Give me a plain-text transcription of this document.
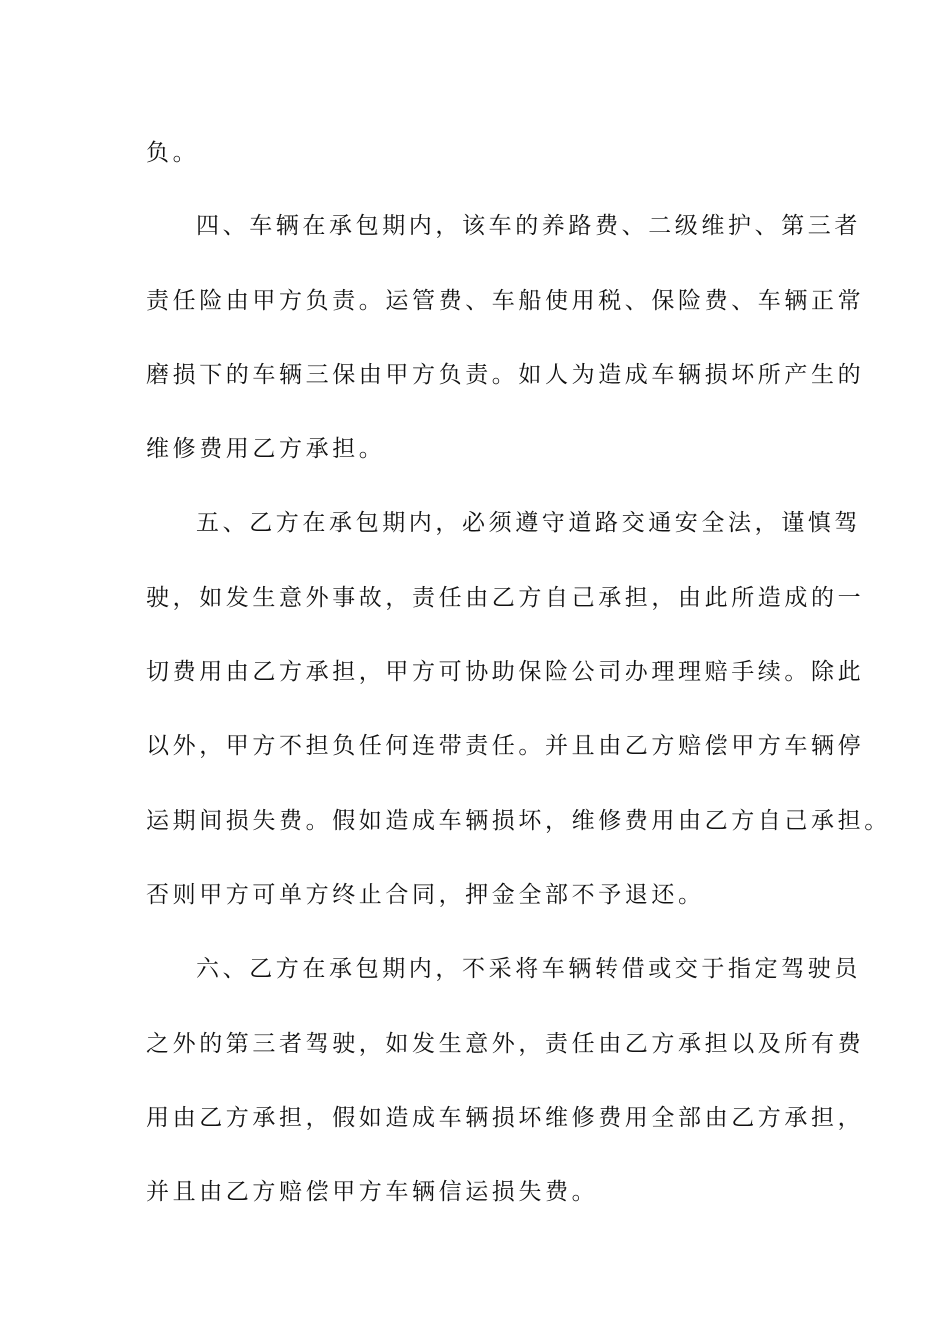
负。
四、车辆在承包期内，该车的养路费、二级维护、第三者
责任险由甲方负责。运管费、车船使用税、保险费、车辆正常
磨损下的车辆三保由甲方负责。如人为造成车辆损坏所产生的
维修费用乙方承担。
五、乙方在承包期内，必须遵守道路交通安全法，谨慎驾
驶，如发生意外事故，责任由乙方自己承担，由此所造成的一
切费用由乙方承担，甲方可协助保险公司办理理赔手续。除此
以外，甲方不担负任何连带责任。并且由乙方赔偿甲方车辆停
运期间损失费。假如造成车辆损坏，维修费用由乙方自己承担。
否则甲方可单方终止合同，押金全部不予退还。
六、乙方在承包期内，不采将车辆转借或交于指定驾驶员
之外的第三者驾驶，如发生意外，责任由乙方承担以及所有费
用由乙方承担，假如造成车辆损坏维修费用全部由乙方承担，
并且由乙方赔偿甲方车辆信运损失费。
